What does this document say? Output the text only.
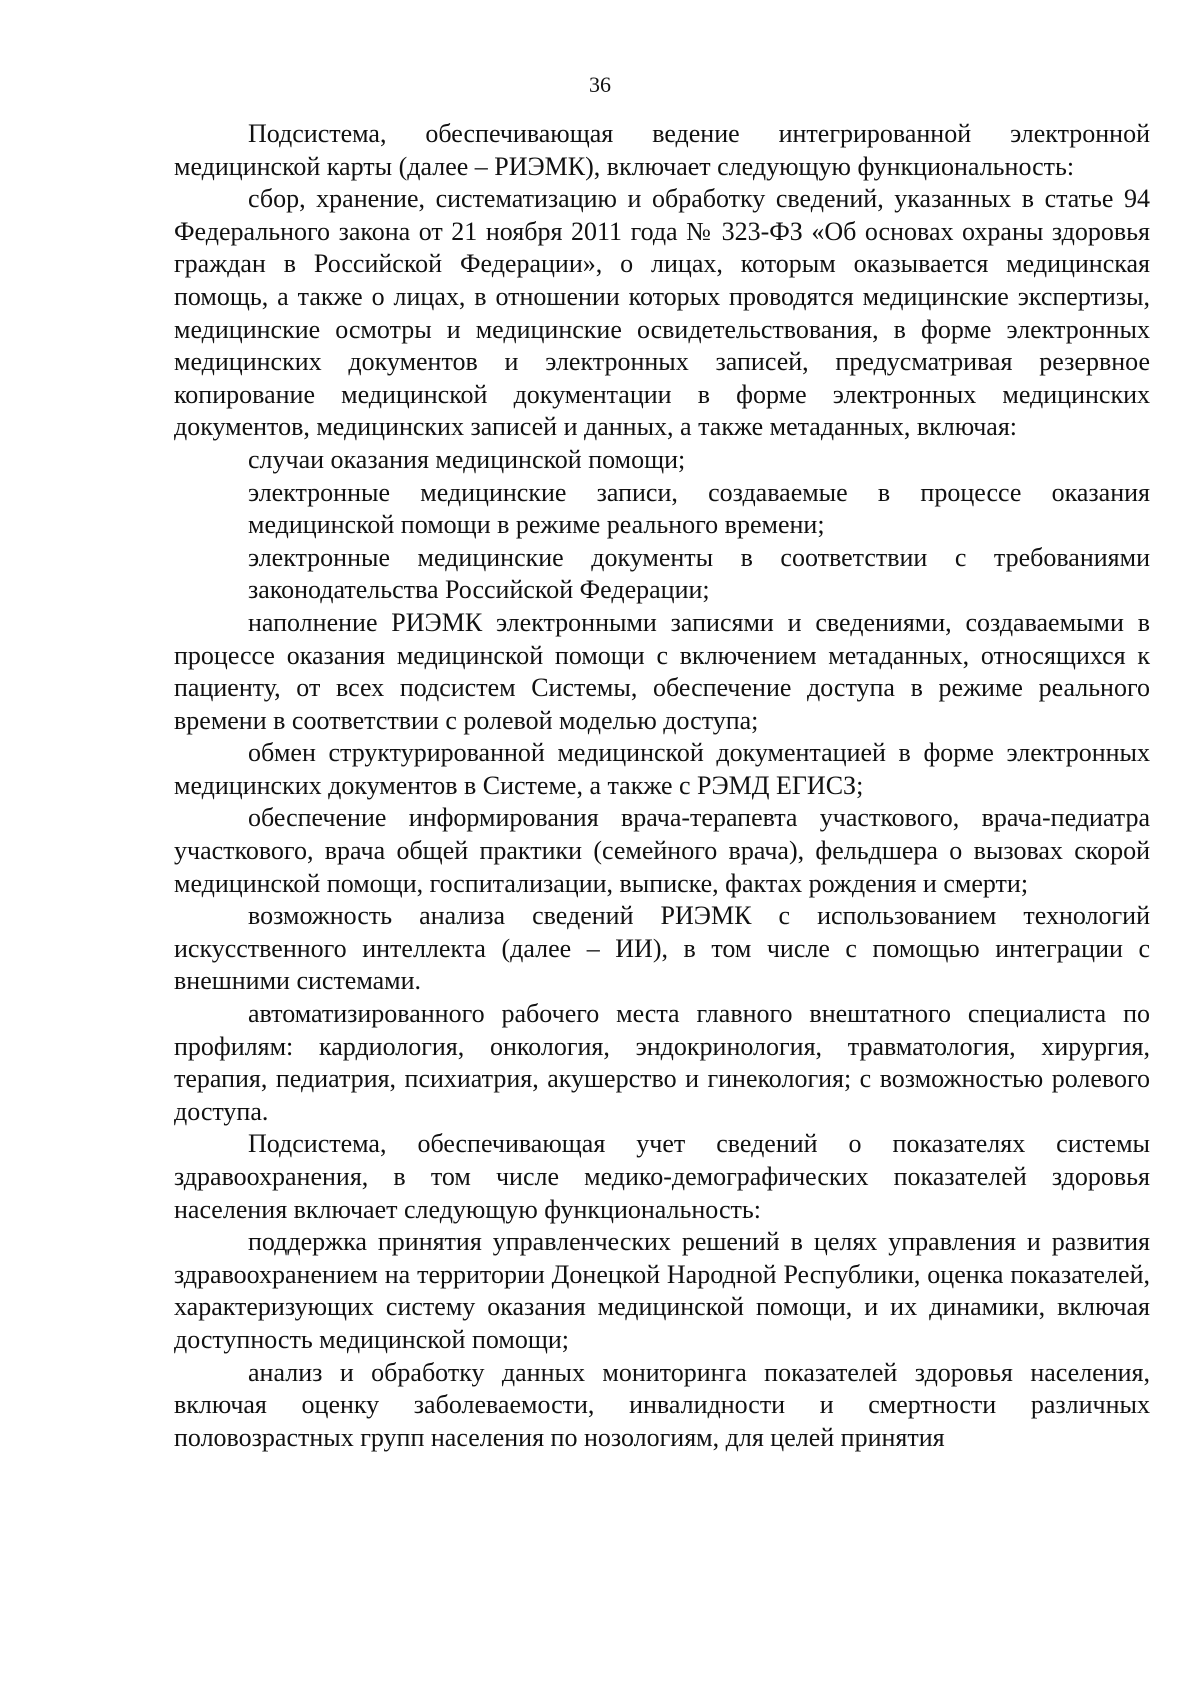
36

Подсистема, обеспечивающая ведение интегрированной электронной медицинской карты (далее – РИЭМК), включает следующую функциональность:

сбор, хранение, систематизацию и обработку сведений, указанных в статье 94 Федерального закона от 21 ноября 2011 года № 323-ФЗ «Об основах охраны здоровья граждан в Российской Федерации», о лицах, которым оказывается медицинская помощь, а также о лицах, в отношении которых проводятся медицинские экспертизы, медицинские осмотры и медицинские освидетельствования, в форме электронных медицинских документов и электронных записей, предусматривая резервное копирование медицинской документации в форме электронных медицинских документов, медицинских записей и данных, а также метаданных, включая:

случаи оказания медицинской помощи;

электронные медицинские записи, создаваемые в процессе оказания медицинской помощи в режиме реального времени;

электронные медицинские документы в соответствии с требованиями законодательства Российской Федерации;

наполнение РИЭМК электронными записями и сведениями, создаваемыми в процессе оказания медицинской помощи с включением метаданных, относящихся к пациенту, от всех подсистем Системы, обеспечение доступа в режиме реального времени в соответствии с ролевой моделью доступа;

обмен структурированной медицинской документацией в форме электронных медицинских документов в Системе, а также с РЭМД ЕГИСЗ;

обеспечение информирования врача-терапевта участкового, врача-педиатра участкового, врача общей практики (семейного врача), фельдшера о вызовах скорой медицинской помощи, госпитализации, выписке, фактах рождения и смерти;

возможность анализа сведений РИЭМК с использованием технологий искусственного интеллекта (далее – ИИ), в том числе с помощью интеграции с внешними системами.

автоматизированного рабочего места главного внештатного специалиста по профилям: кардиология, онкология, эндокринология, травматология, хирургия, терапия, педиатрия, психиатрия, акушерство и гинекология; с возможностью ролевого доступа.

Подсистема, обеспечивающая учет сведений о показателях системы здравоохранения, в том числе медико-демографических показателей здоровья населения включает следующую функциональность:

поддержка принятия управленческих решений в целях управления и развития здравоохранением на территории Донецкой Народной Республики, оценка показателей, характеризующих систему оказания медицинской помощи, и их динамики, включая доступность медицинской помощи;

анализ и обработку данных мониторинга показателей здоровья населения, включая оценку заболеваемости, инвалидности и смертности различных половозрастных групп населения по нозологиям, для целей принятия
